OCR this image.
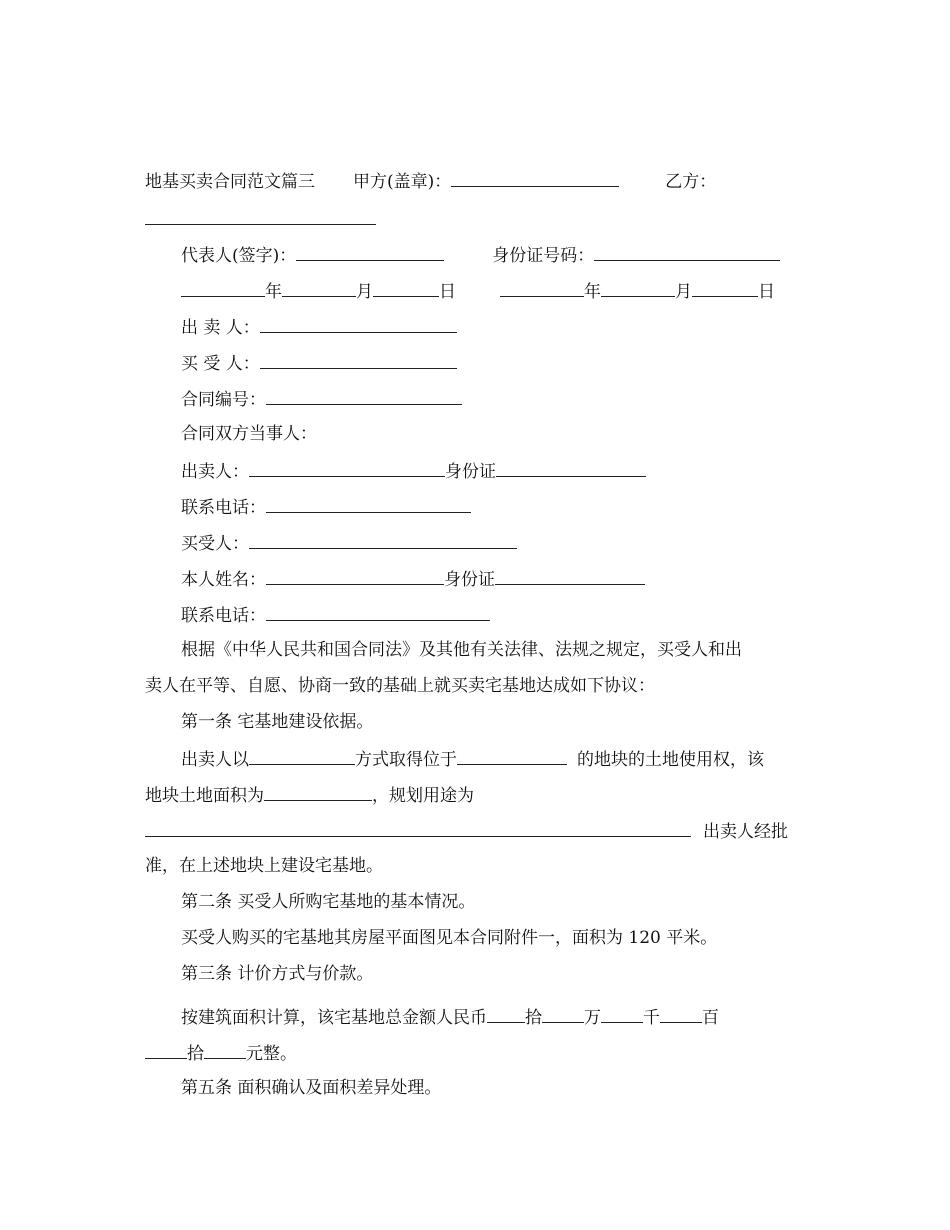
地基买卖合同范文篇三 甲方(盖章)：	乙方：
代表人(签字)：	身份证号码：
年	月	日	年	月	日
出 卖 人：
买 受 人：
合同编号：
合同双方当事人：
出卖人：	身份证
联系电话：
买受人：
本人姓名：	身份证
联系电话：
根据《中华人民共和国合同法》及其他有关法律、法规之规定，买受人和出
卖人在平等、自愿、协商一致的基础上就买卖宅基地达成如下协议：
第一条 宅基地建设依据。
出卖人以	方式取得位于	的地块的土地使用权，该
地块土地面积为	，规划用途为
出卖人经批
准，在上述地块上建设宅基地。
第二条 买受人所购宅基地的基本情况。
买受人购买的宅基地其房屋平面图见本合同附件一，面积为 120 平米。
第三条 计价方式与价款。
按建筑面积计算，该宅基地总金额人民币 拾 万 千 百
拾 元整。
第五条 面积确认及面积差异处理。
